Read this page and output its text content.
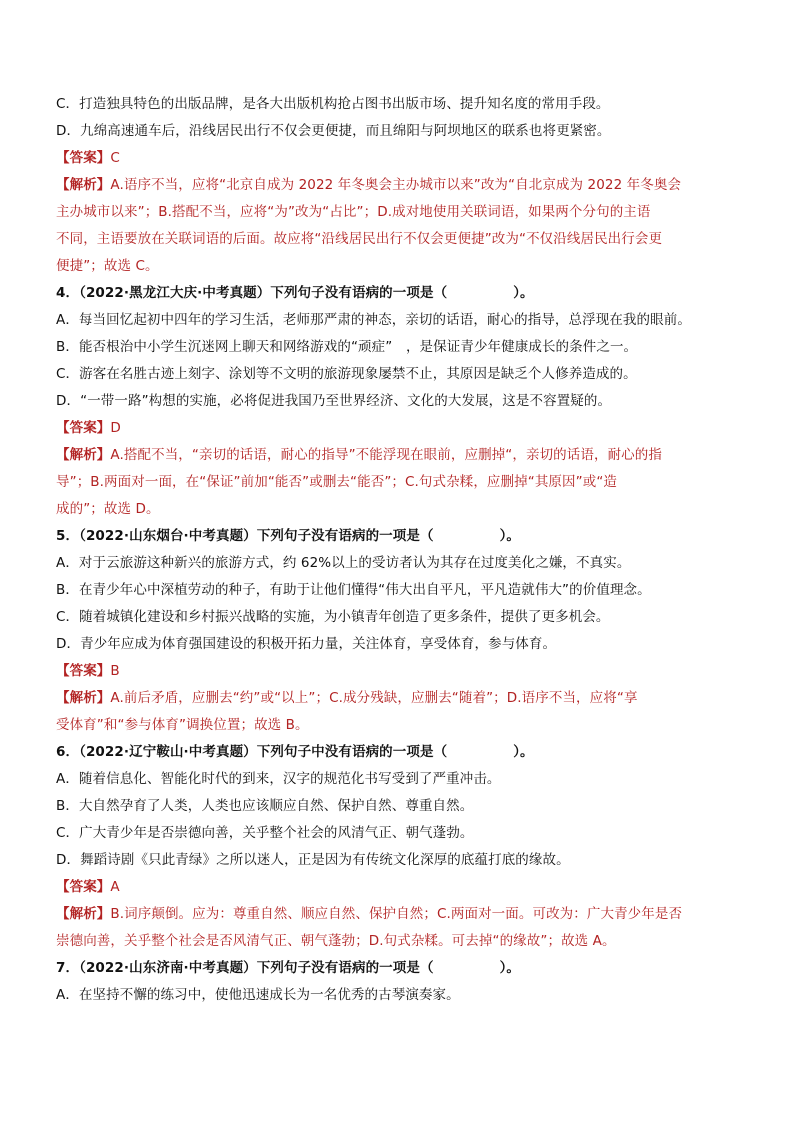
C．打造独具特色的出版品牌，是各大出版机构抢占图书出版市场、提升知名度的常用手段。

D．九绵高速通车后，沿线居民出行不仅会更便捷，而且绵阳与阿坝地区的联系也将更紧密。

【答案】C

【解析】A.语序不当，应将“北京自成为 2022 年冬奥会主办城市以来”改为“自北京成为 2022 年冬奥会

主办城市以来”；B.搭配不当，应将“为”改为“占比”；D.成对地使用关联词语，如果两个分句的主语

不同，主语要放在关联词语的后面。故应将“沿线居民出行不仅会更便捷”改为“不仅沿线居民出行会更

便捷”；故选 C。

4．（2022·黑龙江大庆·中考真题）下列句子没有语病的一项是（	）。

A．每当回忆起初中四年的学习生活，老师那严肃的神态，亲切的话语，耐心的指导，总浮现在我的眼前。

B．能否根治中小学生沉迷网上聊天和网络游戏的“顽症”　，是保证青少年健康成长的条件之一。

C．游客在名胜古迹上刻字、涂划等不文明的旅游现象屡禁不止，其原因是缺乏个人修养造成的。

D．“一带一路”构想的实施，必将促进我国乃至世界经济、文化的大发展，这是不容置疑的。

【答案】D

【解析】A.搭配不当，“亲切的话语，耐心的指导”不能浮现在眼前，应删掉“，亲切的话语，耐心的指

导”；B.两面对一面，在“保证”前加“能否”或删去“能否”；C.句式杂糅，应删掉“其原因”或“造

成的”；故选 D。

5．（2022·山东烟台·中考真题）下列句子没有语病的一项是（	）。

A．对于云旅游这种新兴的旅游方式，约 62%以上的受访者认为其存在过度美化之嫌，不真实。

B．在青少年心中深植劳动的种子，有助于让他们懂得“伟大出自平凡，平凡造就伟大”的价值理念。

C．随着城镇化建设和乡村振兴战略的实施，为小镇青年创造了更多条件，提供了更多机会。

D．青少年应成为体育强国建设的积极开拓力量，关注体育，享受体育，参与体育。

【答案】B

【解析】A.前后矛盾，应删去“约”或“以上”；C.成分残缺，应删去“随着”；D.语序不当，应将“享

受体育”和“参与体育”调换位置；故选 B。

6．（2022·辽宁鞍山·中考真题）下列句子中没有语病的一项是（	）。

A．随着信息化、智能化时代的到来，汉字的规范化书写受到了严重冲击。

B．大自然孕育了人类，人类也应该顺应自然、保护自然、尊重自然。

C．广大青少年是否崇德向善，关乎整个社会的风清气正、朝气蓬勃。

D．舞蹈诗剧《只此青绿》之所以迷人，正是因为有传统文化深厚的底蕴打底的缘故。

【答案】A

【解析】B.词序颠倒。应为：尊重自然、顺应自然、保护自然；C.两面对一面。可改为：广大青少年是否

崇德向善，关乎整个社会是否风清气正、朝气蓬勃；D.句式杂糅。可去掉“的缘故”；故选 A。

7．（2022·山东济南·中考真题）下列句子没有语病的一项是（	）。

A．在坚持不懈的练习中，使他迅速成长为一名优秀的古琴演奏家。
